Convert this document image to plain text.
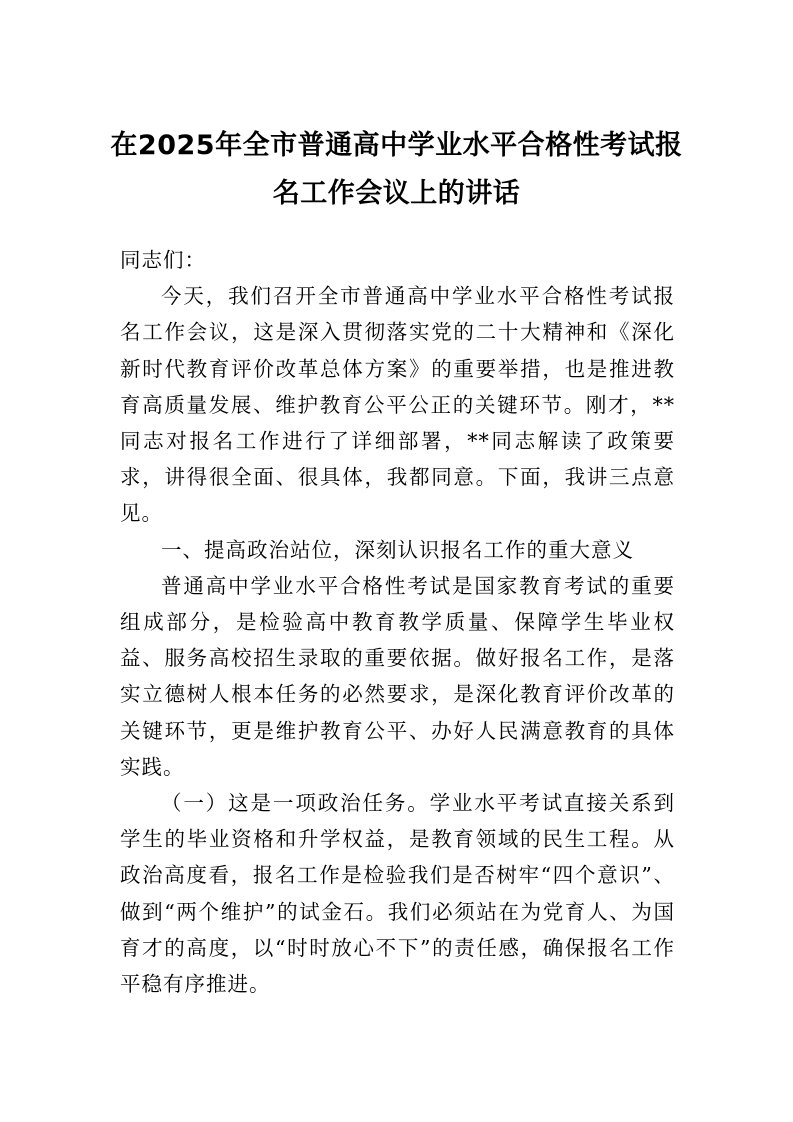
在2025年全市普通高中学业水平合格性考试报名工作会议上的讲话

同志们：

今天，我们召开全市普通高中学业水平合格性考试报名工作会议，这是深入贯彻落实党的二十大精神和《深化新时代教育评价改革总体方案》的重要举措，也是推进教育高质量发展、维护教育公平公正的关键环节。刚才，**同志对报名工作进行了详细部署，**同志解读了政策要求，讲得很全面、很具体，我都同意。下面，我讲三点意见。

一、提高政治站位，深刻认识报名工作的重大意义

普通高中学业水平合格性考试是国家教育考试的重要组成部分，是检验高中教育教学质量、保障学生毕业权益、服务高校招生录取的重要依据。做好报名工作，是落实立德树人根本任务的必然要求，是深化教育评价改革的关键环节，更是维护教育公平、办好人民满意教育的具体实践。

（一）这是一项政治任务。学业水平考试直接关系到学生的毕业资格和升学权益，是教育领域的民生工程。从政治高度看，报名工作是检验我们是否树牢“四个意识”、做到“两个维护”的试金石。我们必须站在为党育人、为国育才的高度，以“时时放心不下”的责任感，确保报名工作平稳有序推进。
